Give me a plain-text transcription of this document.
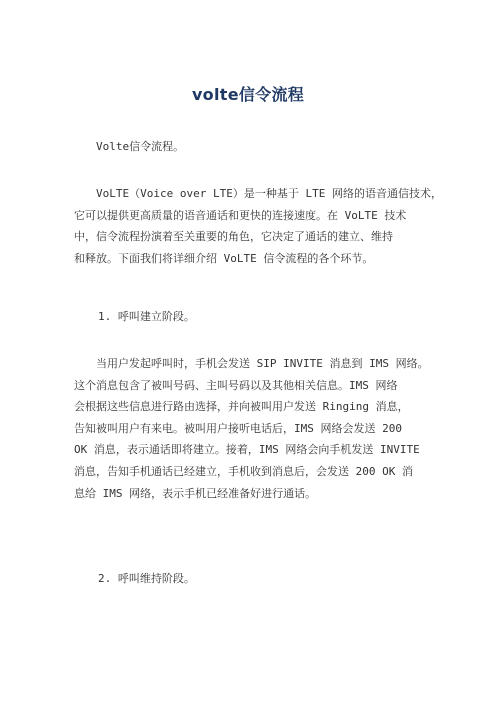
volte信令流程
Volte信令流程。
VoLTE（Voice over LTE）是一种基于 LTE 网络的语音通信技术，
它可以提供更高质量的语音通话和更快的连接速度。在 VoLTE 技术
中，信令流程扮演着至关重要的角色，它决定了通话的建立、维持
和释放。下面我们将详细介绍 VoLTE 信令流程的各个环节。
1. 呼叫建立阶段。
当用户发起呼叫时，手机会发送 SIP INVITE 消息到 IMS 网络。
这个消息包含了被叫号码、主叫号码以及其他相关信息。IMS 网络
会根据这些信息进行路由选择，并向被叫用户发送 Ringing 消息，
告知被叫用户有来电。被叫用户接听电话后，IMS 网络会发送 200
OK 消息，表示通话即将建立。接着，IMS 网络会向手机发送 INVITE
消息，告知手机通话已经建立，手机收到消息后，会发送 200 OK 消
息给 IMS 网络，表示手机已经准备好进行通话。
2. 呼叫维持阶段。
